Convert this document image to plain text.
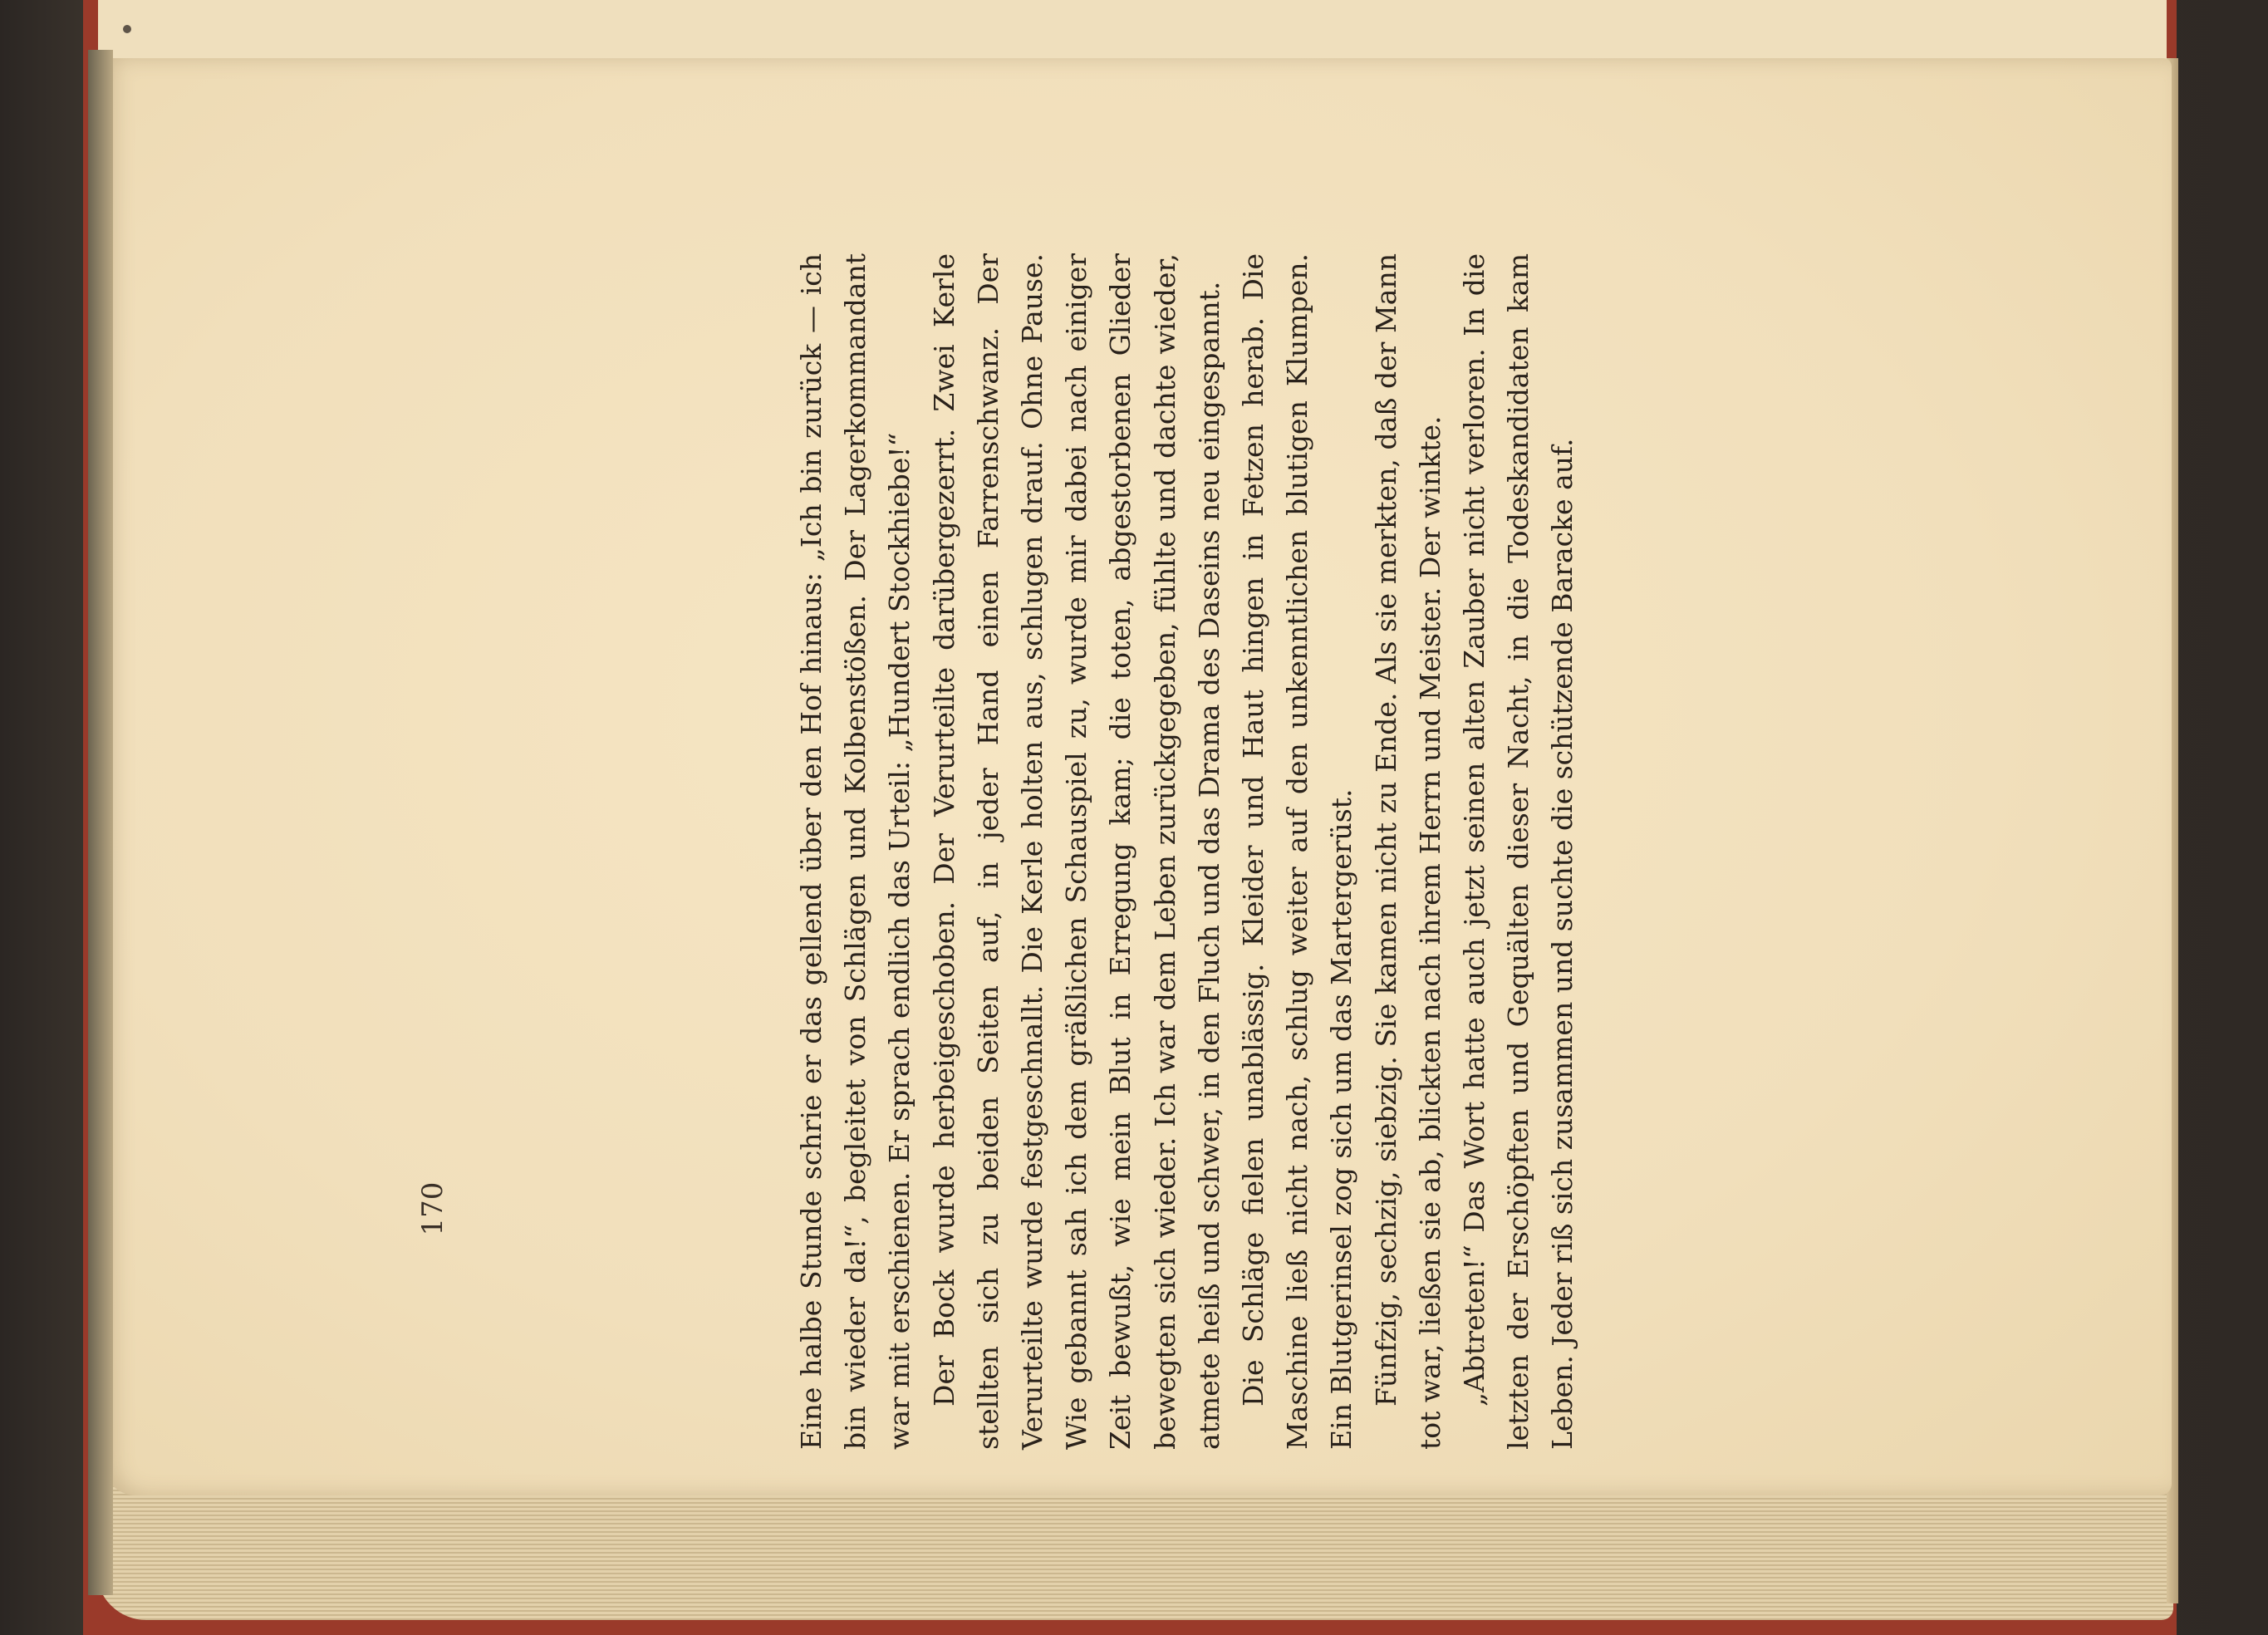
Eine halbe Stunde schrie er das gellend über den Hof hinaus: „Ich bin zurück — ich bin wieder da!“, begleitet von Schlägen und Kolbenstößen. Der Lagerkommandant war mit erschienen. Er sprach endlich das Urteil: „Hundert Stockhiebe!“ Der Bock wurde herbeigeschoben. Der Verurteilte darübergezerrt. Zwei Kerle stellten sich zu beiden Seiten auf, in jeder Hand einen Farrenschwanz. Der Verurteilte wurde festgeschnallt. Die Kerle holten aus, schlugen drauf. Ohne Pause. Wie gebannt sah ich dem gräßlichen Schauspiel zu, wurde mir dabei nach einiger Zeit bewußt, wie mein Blut in Erregung kam; die toten, abgestorbenen Glieder bewegten sich wieder. Ich war dem Leben zurückgegeben, fühlte und dachte wieder, atmete heiß und schwer, in den Fluch und das Drama des Daseins neu eingespannt. Die Schläge fielen unablässig. Kleider und Haut hingen in Fetzen herab. Die Maschine ließ nicht nach, schlug weiter auf den unkenntlichen blutigen Klumpen. Ein Blutgerinsel zog sich um das Martergerüst. Fünfzig, sechzig, siebzig. Sie kamen nicht zu Ende. Als sie merkten, daß der Mann tot war, ließen sie ab, blickten nach ihrem Herrn und Meister. Der winkte. „Abtreten!“ Das Wort hatte auch jetzt seinen alten Zauber nicht verloren. In die letzten der Erschöpften und Gequälten dieser Nacht, in die Todeskandidaten kam Leben. Jeder riß sich zusammen und suchte die schützende Baracke auf.

170
